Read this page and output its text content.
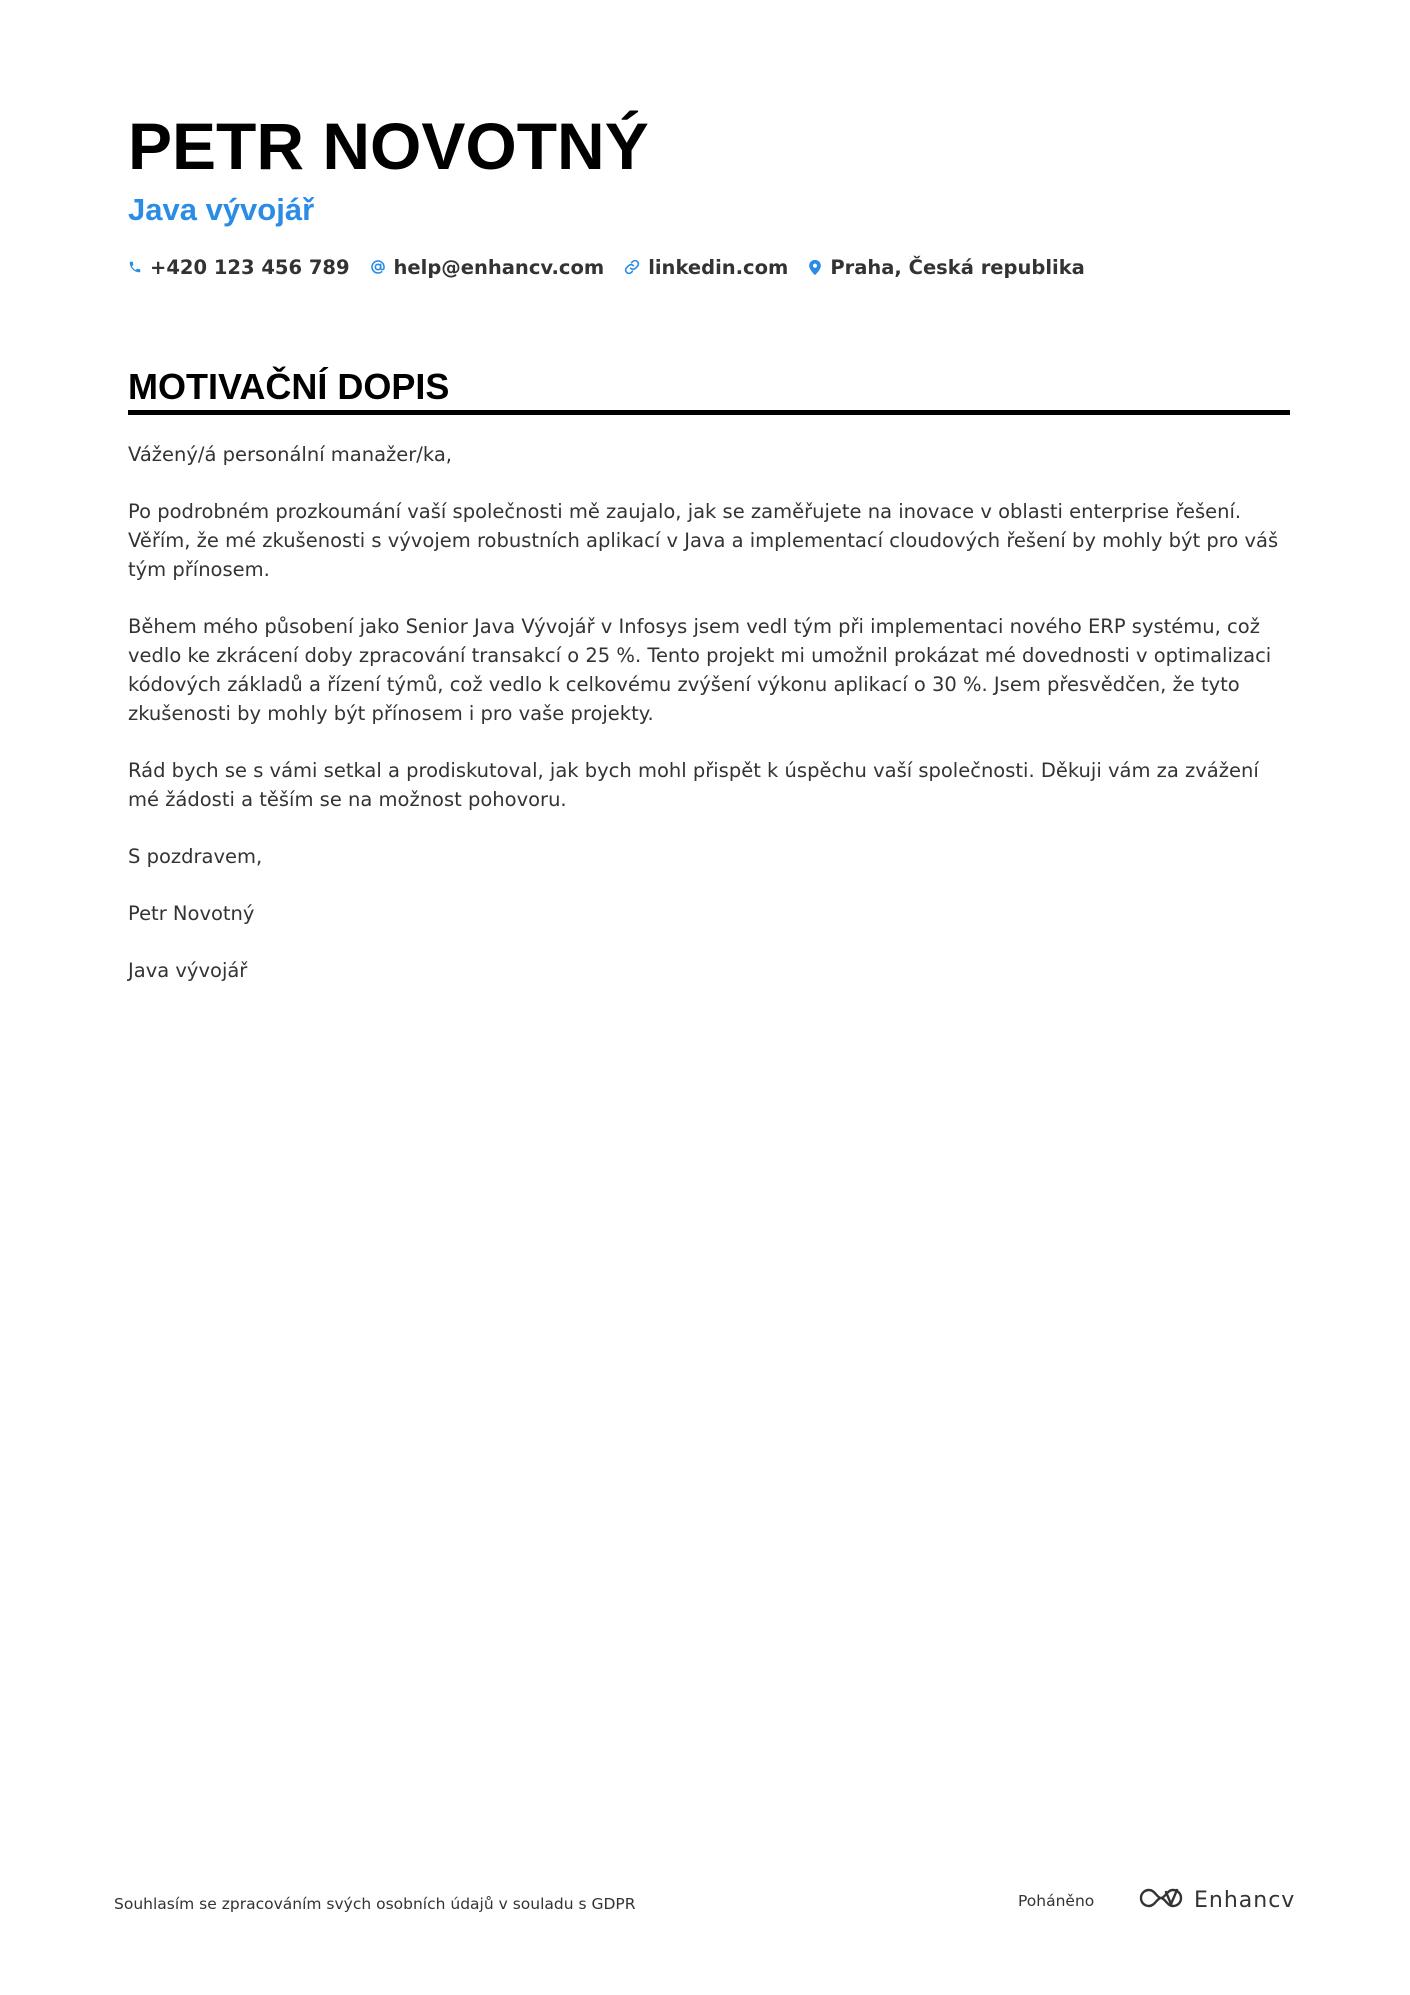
PETR NOVOTNÝ
Java vývojář
+420 123 456 789 help@enhancv.com linkedin.com Praha, Česká republika
MOTIVAČNÍ DOPIS

Vážený/á personální manažer/ka,

Po podrobném prozkoumání vaší společnosti mě zaujalo, jak se zaměřujete na inovace v oblasti enterprise řešení. Věřím, že mé zkušenosti s vývojem robustních aplikací v Java a implementací cloudových řešení by mohly být pro váš tým přínosem.

Během mého působení jako Senior Java Vývojář v Infosys jsem vedl tým při implementaci nového ERP systému, což vedlo ke zkrácení doby zpracování transakcí o 25 %. Tento projekt mi umožnil prokázat mé dovednosti v optimalizaci kódových základů a řízení týmů, což vedlo k celkovému zvýšení výkonu aplikací o 30 %. Jsem přesvědčen, že tyto zkušenosti by mohly být přínosem i pro vaše projekty.

Rád bych se s vámi setkal a prodiskutoval, jak bych mohl přispět k úspěchu vaší společnosti. Děkuji vám za zvážení mé žádosti a těším se na možnost pohovoru.

S pozdravem,

Petr Novotný

Java vývojář

Souhlasím se zpracováním svých osobních údajů v souladu s GDPR	Poháněno	Enhancv
